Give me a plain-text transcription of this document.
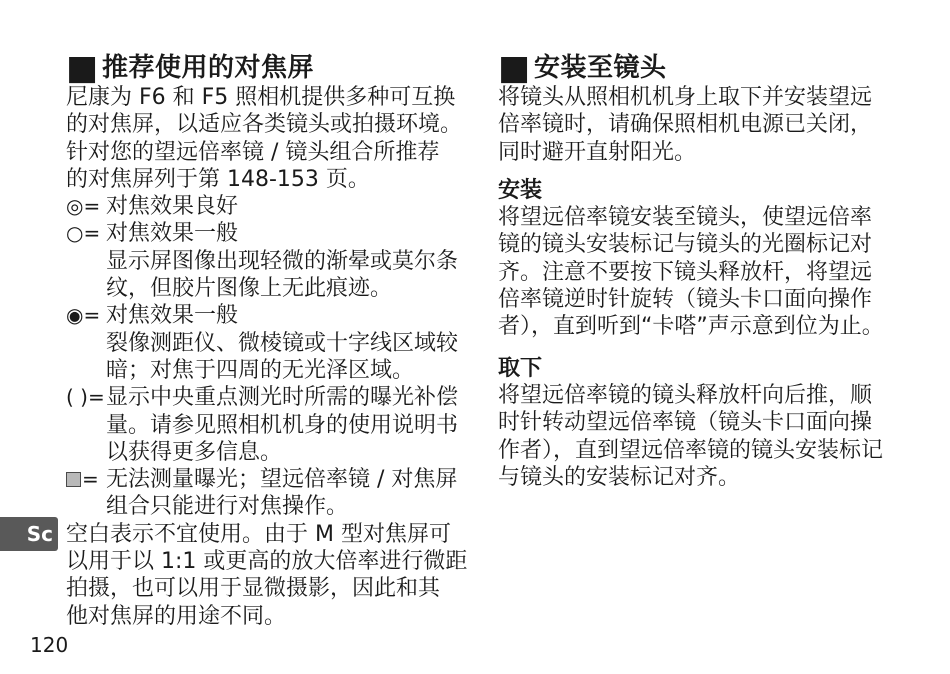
■ 推荐使用的对焦屏
尼康为 F6 和 F5 照相机提供多种可互换
的对焦屏，以适应各类镜头或拍摄环境。
针对您的望远倍率镜 / 镜头组合所推荐
的对焦屏列于第 148-153 页。
◎= 对焦效果良好
○= 对焦效果一般
显示屏图像出现轻微的渐晕或莫尔条
纹，但胶片图像上无此痕迹。
◉= 对焦效果一般
裂像测距仪、微棱镜或十字线区域较
暗；对焦于四周的无光泽区域。
( )= 显示中央重点测光时所需的曝光补偿
量。请参见照相机机身的使用说明书
以获得更多信息。
= 无法测量曝光；望远倍率镜 / 对焦屏
组合只能进行对焦操作。
空白表示不宜使用。由于 M 型对焦屏可
以用于以 1:1 或更高的放大倍率进行微距
拍摄，也可以用于显微摄影，因此和其
他对焦屏的用途不同。
■ 安装至镜头
将镜头从照相机机身上取下并安装望远
倍率镜时，请确保照相机电源已关闭，
同时避开直射阳光。
安装
将望远倍率镜安装至镜头，使望远倍率
镜的镜头安装标记与镜头的光圈标记对
齐。注意不要按下镜头释放杆，将望远
倍率镜逆时针旋转（镜头卡口面向操作
者），直到听到“卡嗒”声示意到位为止。
取下
将望远倍率镜的镜头释放杆向后推，顺
时针转动望远倍率镜（镜头卡口面向操
作者），直到望远倍率镜的镜头安装标记
与镜头的安装标记对齐。
Sc
120
